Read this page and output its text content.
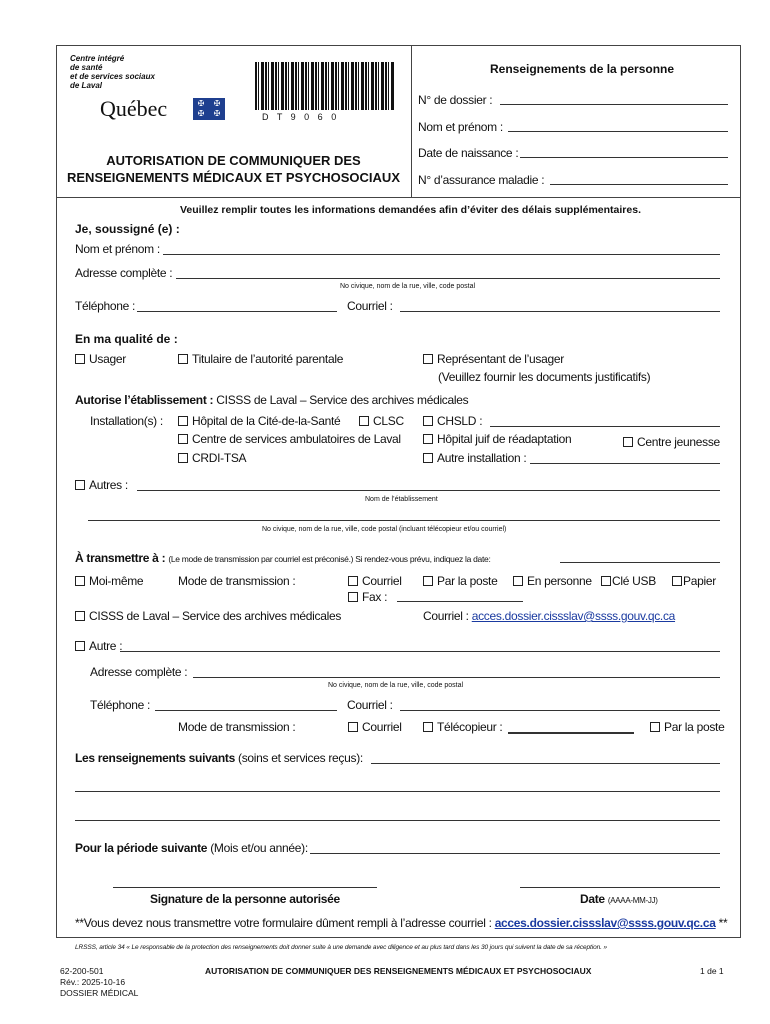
Centre intégré
de santé
et de services sociaux
de Laval
Québec	✠	✠
✠	✠	D T 9 0 6 0
AUTORISATION DE COMMUNIQUER DES
RENSEIGNEMENTS MÉDICAUX ET PSYCHOSOCIAUX
Renseignements de la personne
N° de dossier :
Nom et prénom :
Date de naissance :
N° d’assurance maladie :
Veuillez remplir toutes les informations demandées afin d’éviter des délais supplémentaires.
Je, soussigné (e) :
Nom et prénom :
Adresse complète :
No civique, nom de la rue, ville, code postal
Téléphone :	Courriel :
En ma qualité de :
Usager	Titulaire de l’autorité parentale	Représentant de l’usager
(Veuillez fournir les documents justificatifs)
Autorise l’établissement : CISSS de Laval – Service des archives médicales
Installation(s) :	Hôpital de la Cité-de-la-Santé	CLSC	CHSLD :
Centre de services ambulatoires de Laval	Hôpital juif de réadaptation	Centre jeunesse
CRDI-TSA	Autre installation :
Autres :
Nom de l’établissement
No civique, nom de la rue, ville, code postal (incluant télécopieur et/ou courriel)
À transmettre à : (Le mode de transmission par courriel est préconisé.) Si rendez-vous prévu, indiquez la date:
Moi-même	Mode de transmission :	Courriel	Par la poste	En personne	Clé USB	Papier
Fax :
CISSS de Laval – Service des archives médicales	Courriel : acces.dossier.cissslav@ssss.gouv.qc.ca
Autre :
Adresse complète :
No civique, nom de la rue, ville, code postal
Téléphone :	Courriel :
Mode de transmission :	Courriel	Télécopieur :	Par la poste
Les renseignements suivants (soins et services reçus):
Pour la période suivante (Mois et/ou année):
Signature de la personne autorisée	Date (AAAA-MM-JJ)
**Vous devez nous transmettre votre formulaire dûment rempli à l’adresse courriel : acces.dossier.cissslav@ssss.gouv.qc.ca **
LRSSS, article 34 « Le responsable de la protection des renseignements doit donner suite à une demande avec diligence et au plus tard dans les 30 jours qui suivent la date de sa réception. »
62-200-501
Rév.: 2025-10-16
DOSSIER MÉDICAL
AUTORISATION DE COMMUNIQUER DES RENSEIGNEMENTS MÉDICAUX ET PSYCHOSOCIAUX	1 de 1
